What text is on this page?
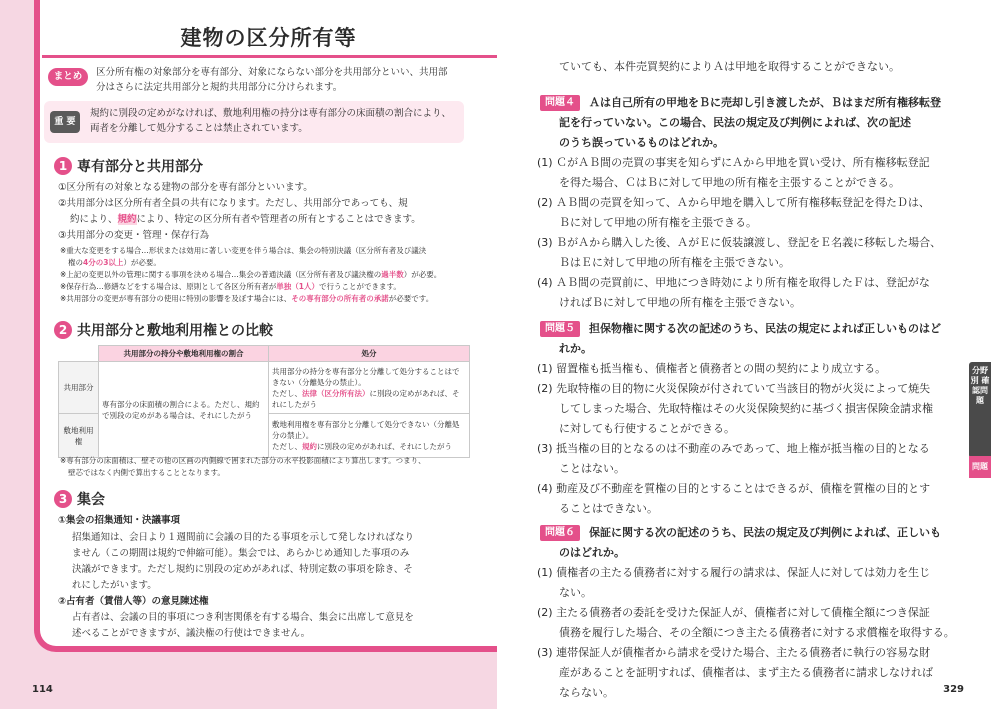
建物の区分所有等
まとめ	区分所有権の対象部分を専有部分、対象にならない部分を共用部分といい、共用部
分はさらに法定共用部分と規約共用部分に分けられます。
重 要
規約に別段の定めがなければ、敷地利用権の持分は専有部分の床面積の割合により、
両者を分離して処分することは禁止されています。
1 専有部分と共用部分
①区分所有の対象となる建物の部分を専有部分といいます。
②共用部分は区分所有者全員の共有になります。ただし、共用部分であっても、規
約により、規約により、特定の区分所有者や管理者の所有とすることはできます。
③共用部分の変更・管理・保存行為
※重大な変更をする場合…形状または効用に著しい変更を伴う場合は、集会の特別決議（区分所有者及び議決
権の4分の3以上）が必要。
※上記の変更以外の管理に関する事項を決める場合…集会の普通決議（区分所有者及び議決権の過半数）が必要。
※保存行為…修繕などをする場合は、原則として各区分所有者が単独（1人）で行うことができます。
※共用部分の変更が専有部分の使用に特別の影響を及ぼす場合には、その専有部分の所有者の承諾が必要です。
2 共用部分と敷地利用権との比較
	共用部分の持分や敷地利用権の割合	処分
共用部分	専有部分の床面積の割合による。ただし、規約で別段の定めがある場合は、それにしたがう	共用部分の持分を専有部分と分離して処分することはできない（分離処分の禁止）。
ただし、法律（区分所有法）に別段の定めがあれば、それにしたがう

敷地利用権		敷地利用権を専有部分と分離して処分できない（分離処分の禁止）。
ただし、規約に別段の定めがあれば、それにしたがう
※専有部分の床面積は、壁その他の区画の内側線で囲まれた部分の水平投影面積により算出します。つまり、
壁芯ではなく内側で算出することとなります。
3 集会
①集会の招集通知・決議事項
招集通知は、会日より１週間前に会議の目的たる事項を示して発しなければなり
ません（この期間は規約で伸縮可能）。集会では、あらかじめ通知した事項のみ
決議ができます。ただし規約に別段の定めがあれば、特別定数の事項を除き、そ
れにしたがいます。
②占有者（賃借人等）の意見陳述権
占有者は、会議の目的事項につき利害関係を有する場合、集会に出席して意見を
述べることができますが、議決権の行使はできません。
114
ていても、本件売買契約によりＡは甲地を取得することができない。
問題４	Ａは自己所有の甲地をＢに売却し引き渡したが、Ｂはまだ所有権移転登
記を行っていない。この場合、民法の規定及び判例によれば、次の記述
のうち誤っているものはどれか。
(1) ＣがＡＢ間の売買の事実を知らずにＡから甲地を買い受け、所有権移転登記
を得た場合、ＣはＢに対して甲地の所有権を主張することができる。
(2) ＡＢ間の売買を知って、Ａから甲地を購入して所有権移転登記を得たＤは、
Ｂに対して甲地の所有権を主張できる。
(3) ＢがＡから購入した後、ＡがＥに仮装譲渡し、登記をＥ名義に移転した場合、
ＢはＥに対して甲地の所有権を主張できない。
(4) ＡＢ間の売買前に、甲地につき時効により所有権を取得したＦは、登記がな
ければＢに対して甲地の所有権を主張できない。
問題５	担保物権に関する次の記述のうち、民法の規定によれば正しいものはど
れか。
(1) 留置権も抵当権も、債権者と債務者との間の契約により成立する。
(2) 先取特権の目的物に火災保険が付されていて当該目的物が火災によって焼失
してしまった場合、先取特権はその火災保険契約に基づく損害保険金請求権
に対しても行使することができる。
(3) 抵当権の目的となるのは不動産のみであって、地上権が抵当権の目的となる
ことはない。
(4) 動産及び不動産を質権の目的とすることはできるが、債権を質権の目的とす
ることはできない。
問題６	保証に関する次の記述のうち、民法の規定及び判例によれば、正しいも
のはどれか。
(1) 債権者の主たる債務者に対する履行の請求は、保証人に対しては効力を生じ
ない。
(2) 主たる債務者の委託を受けた保証人が、債権者に対して債権全額につき保証
債務を履行した場合、その全額につき主たる債務者に対する求償権を取得する。
(3) 連帯保証人が債権者から請求を受けた場合、主たる債務者に執行の容易な財
産があることを証明すれば、債権者は、まず主たる債務者に請求しなければ
ならない。
分野別 確認問題
問題
329
